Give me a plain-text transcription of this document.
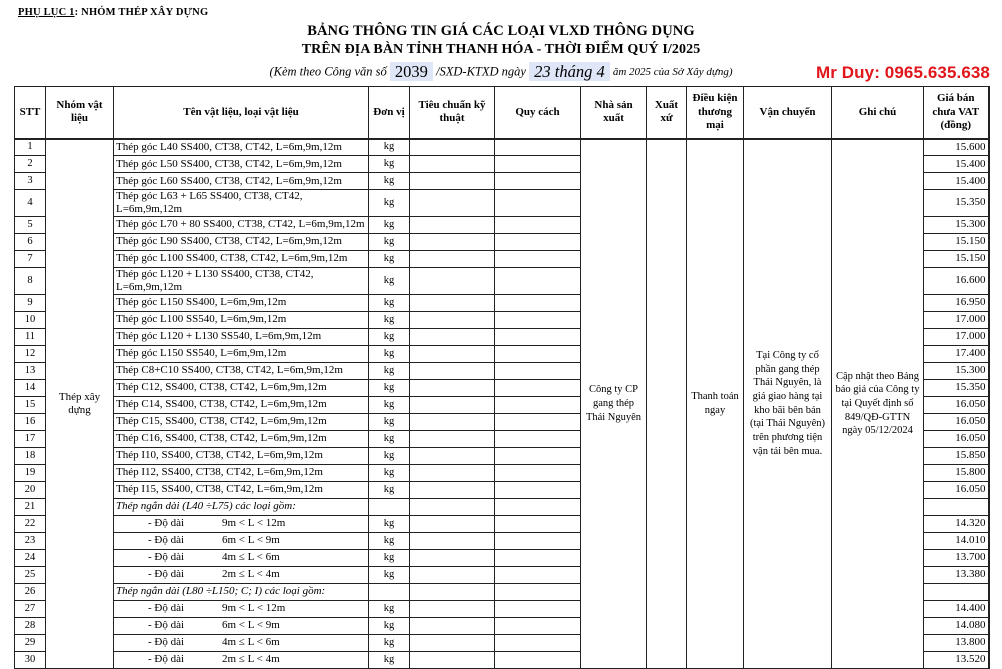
PHỤ LỤC 1: NHÓM THÉP XÂY DỰNG
BẢNG THÔNG TIN GIÁ CÁC LOẠI VLXD THÔNG DỤNG
TRÊN ĐỊA BÀN TỈNH THANH HÓA - THỜI ĐIỂM QUÝ I/2025
(Kèm theo Công văn số 2039 /SXD-KTXD ngày 23 tháng 4 ăm 2025 của Sở Xây dựng)	Mr Duy: 0965.635.638
STT	Nhóm vật liệu	Tên vật liệu, loại vật liệu	Đơn vị	Tiêu chuẩn kỹ thuật	Quy cách	Nhà sản xuất	Xuất xứ	Điều kiện thương mại	Vận chuyển	Ghi chú	Giá bán chưa VAT (đồng)
1	Thép xây dựng	Thép góc L40 SS400, CT38, CT42, L=6m,9m,12m	kg			Công ty CP gang thép Thái Nguyên		Thanh toán ngay	Tại Công ty cổ phần gang thép Thái Nguyên, là giá giao hàng tại kho bãi bên bán (tại Thái Nguyên) trên phương tiện vận tải bên mua.	Cập nhật theo Bảng báo giá của Công ty tại Quyết định số 849/QĐ-GTTN ngày 05/12/2024	15.600
2		Thép góc L50 SS400, CT38, CT42, L=6m,9m,12m	kg								15.400
3		Thép góc L60 SS400, CT38, CT42, L=6m,9m,12m	kg								15.400
4		Thép góc L63 + L65 SS400, CT38, CT42, L=6m,9m,12m	kg								15.350
5		Thép góc L70 + 80 SS400, CT38, CT42, L=6m,9m,12m	kg								15.300
6		Thép góc L90 SS400, CT38, CT42, L=6m,9m,12m	kg								15.150
7		Thép góc L100 SS400, CT38, CT42, L=6m,9m,12m	kg								15.150
8		Thép góc L120 + L130 SS400, CT38, CT42, L=6m,9m,12m	kg								16.600
9		Thép góc L150 SS400, L=6m,9m,12m	kg								16.950
10		Thép góc L100 SS540, L=6m,9m,12m	kg								17.000
11		Thép góc L120 + L130 SS540, L=6m,9m,12m	kg								17.000
12		Thép góc L150 SS540, L=6m,9m,12m	kg								17.400
13		Thép C8+C10 SS400, CT38, CT42, L=6m,9m,12m	kg								15.300
14		Thép C12, SS400, CT38, CT42, L=6m,9m,12m	kg								15.350
15		Thép C14, SS400, CT38, CT42, L=6m,9m,12m	kg								16.050
16		Thép C15, SS400, CT38, CT42, L=6m,9m,12m	kg								16.050
17		Thép C16, SS400, CT38, CT42, L=6m,9m,12m	kg								16.050
18		Thép I10, SS400, CT38, CT42, L=6m,9m,12m	kg								15.850
19		Thép I12, SS400, CT38, CT42, L=6m,9m,12m	kg								15.800
20		Thép I15, SS400, CT38, CT42, L=6m,9m,12m	kg								16.050
21		Thép ngắn dài (L40 ÷L75) các loại gồm:									
22		- Độ dài 9m < L < 12m	kg								14.320
23		- Độ dài 6m < L < 9m	kg								14.010
24		- Độ dài 4m ≤ L < 6m	kg								13.700
25		- Độ dài 2m ≤ L < 4m	kg								13.380
26		Thép ngắn dài (L80 ÷L150; C; I) các loại gồm:									
27		- Độ dài 9m < L < 12m	kg								14.400
28		- Độ dài 6m < L < 9m	kg								14.080
29		- Độ dài 4m ≤ L < 6m	kg								13.800
30		- Độ dài 2m ≤ L < 4m	kg								13.520
